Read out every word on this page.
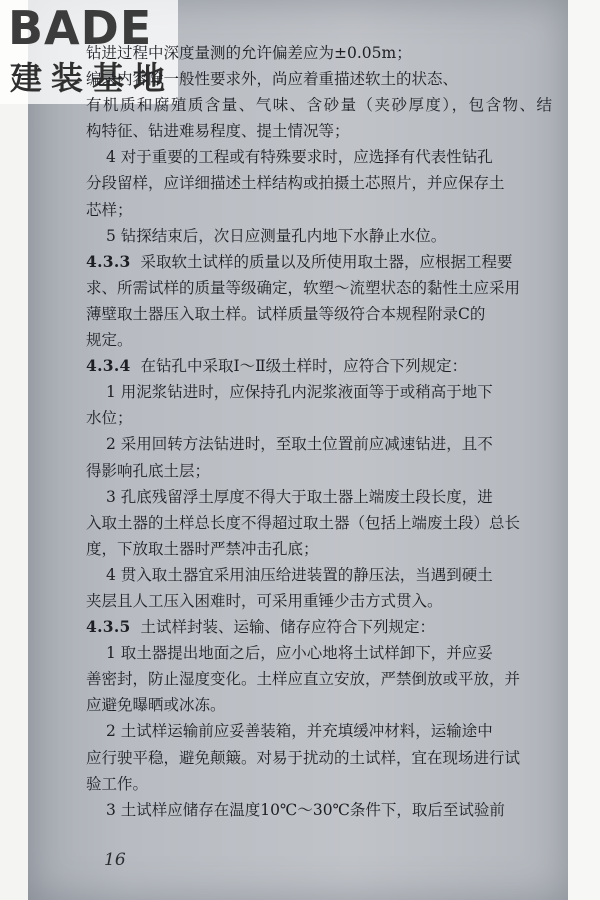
BADE
建装基地
钻进过程中深度量测的允许偏差应为±0.05m；
编录内容除一般性要求外，尚应着重描述软土的状态、
有机质和腐殖质含量、气味、含砂量（夹砂厚度），包含物、结
构特征、钻进难易程度、提土情况等；
4 对于重要的工程或有特殊要求时，应选择有代表性钻孔
分段留样，应详细描述土样结构或拍摄土芯照片，并应保存土
芯样；
5 钻探结束后，次日应测量孔内地下水静止水位。
4.3.3 采取软土试样的质量以及所使用取土器，应根据工程要
求、所需试样的质量等级确定，软塑～流塑状态的黏性土应采用
薄壁取土器压入取土样。试样质量等级符合本规程附录C的
规定。
4.3.4 在钻孔中采取Ⅰ～Ⅱ级土样时，应符合下列规定：
1 用泥浆钻进时，应保持孔内泥浆液面等于或稍高于地下
水位；
2 采用回转方法钻进时，至取土位置前应减速钻进，且不
得影响孔底土层；
3 孔底残留浮土厚度不得大于取土器上端废土段长度，进
入取土器的土样总长度不得超过取土器（包括上端废土段）总长
度，下放取土器时严禁冲击孔底；
4 贯入取土器宜采用油压给进装置的静压法，当遇到硬土
夹层且人工压入困难时，可采用重锤少击方式贯入。
4.3.5 土试样封装、运输、储存应符合下列规定：
1 取土器提出地面之后，应小心地将土试样卸下，并应妥
善密封，防止湿度变化。土样应直立安放，严禁倒放或平放，并
应避免曝晒或冰冻。
2 土试样运输前应妥善装箱，并充填缓冲材料，运输途中
应行驶平稳，避免颠簸。对易于扰动的土试样，宜在现场进行试
验工作。
3 土试样应储存在温度10℃～30℃条件下，取后至试验前
16
